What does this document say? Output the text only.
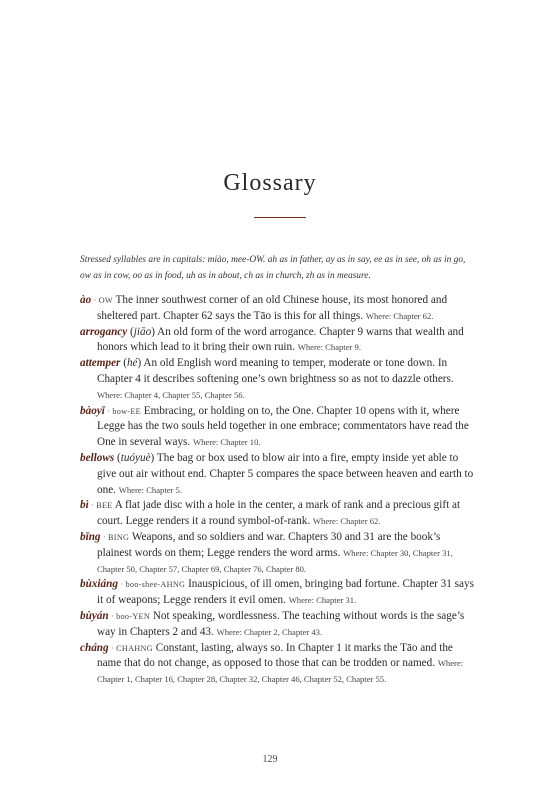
Glossary
Stressed syllables are in capitals: miào, mee-OW. ah as in father, ay as in say, ee as in see, oh as in go, ow as in cow, oo as in food, uh as in about, ch as in church, zh as in measure.

ào · OW The inner southwest corner of an old Chinese house, its most honored and sheltered part. Chapter 62 says the Tāo is this for all things. Where: Chapter 62.

arrogancy (jiāo) An old form of the word arrogance. Chapter 9 warns that wealth and honors which lead to it bring their own ruin. Where: Chapter 9.

attemper (hé) An old English word meaning to temper, moderate or tone down. In Chapter 4 it describes softening one’s own brightness so as not to dazzle others. Where: Chapter 4, Chapter 55, Chapter 56.

bàoyī · bow-EE Embracing, or holding on to, the One. Chapter 10 opens with it, where Legge has the two souls held together in one embrace; commentators have read the One in several ways. Where: Chapter 10.

bellows (tuóyuè) The bag or box used to blow air into a fire, empty inside yet able to give out air without end. Chapter 5 compares the space between heaven and earth to one. Where: Chapter 5.

bì · BEE A flat jade disc with a hole in the center, a mark of rank and a precious gift at court. Legge renders it a round symbol-of-rank. Where: Chapter 62.

bīng · BING Weapons, and so soldiers and war. Chapters 30 and 31 are the book’s plainest words on them; Legge renders the word arms. Where: Chapter 30, Chapter 31, Chapter 50, Chapter 57, Chapter 69, Chapter 76, Chapter 80.

bùxiáng · boo-shee-AHNG Inauspicious, of ill omen, bringing bad fortune. Chapter 31 says it of weapons; Legge renders it evil omen. Where: Chapter 31.

bùyán · boo-YEN Not speaking, wordlessness. The teaching without words is the sage’s way in Chapters 2 and 43. Where: Chapter 2, Chapter 43.

cháng · CHAHNG Constant, lasting, always so. In Chapter 1 it marks the Tāo and the name that do not change, as opposed to those that can be trodden or named. Where: Chapter 1, Chapter 16, Chapter 28, Chapter 32, Chapter 46, Chapter 52, Chapter 55.

129
